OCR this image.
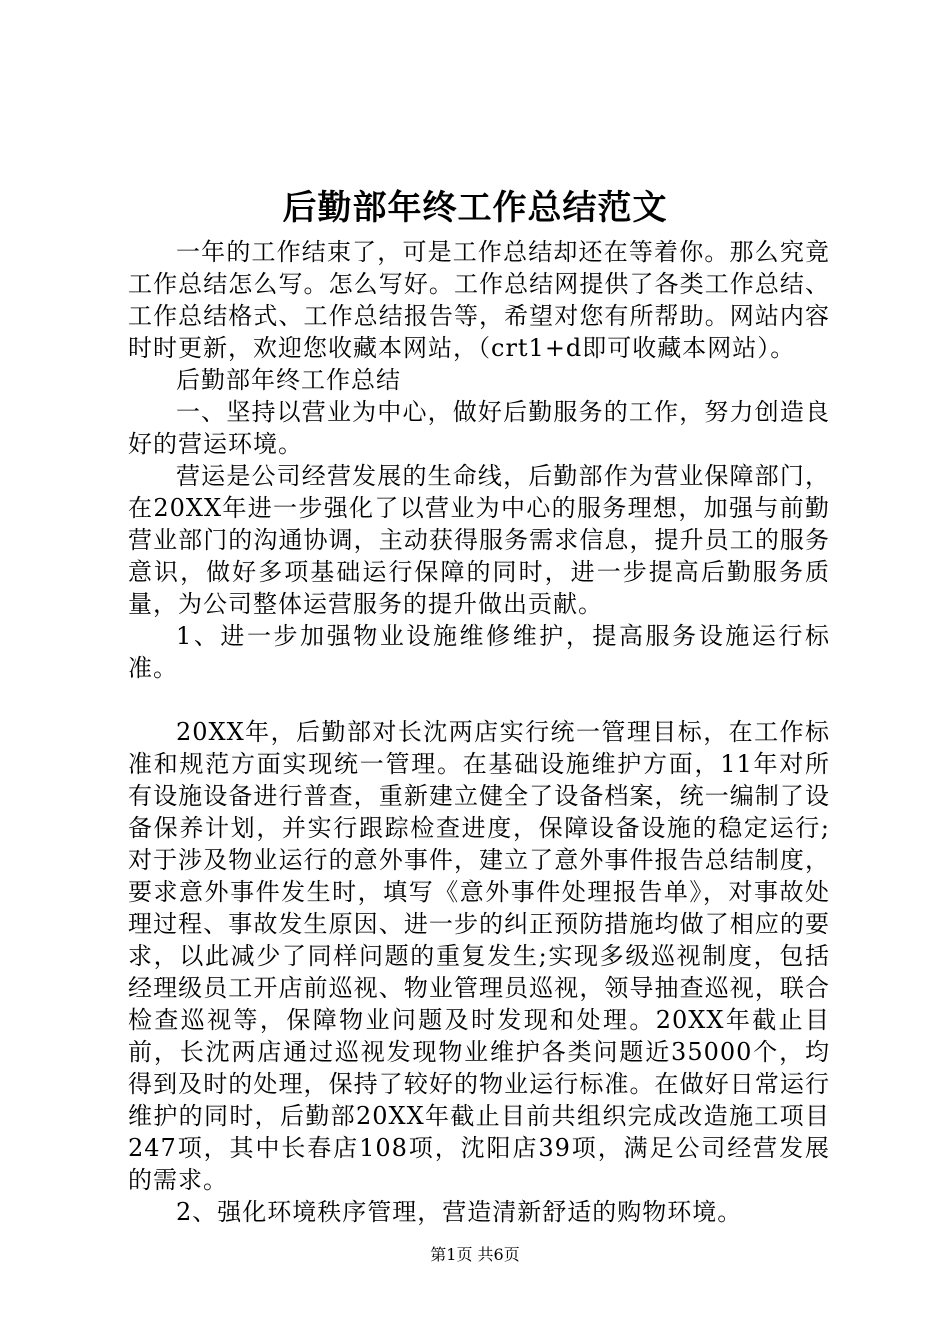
后勤部年终工作总结范文

一年的工作结束了，可是工作总结却还在等着你。那么究竟工作总结怎么写。怎么写好。工作总结网提供了各类工作总结、工作总结格式、工作总结报告等，希望对您有所帮助。网站内容时时更新，欢迎您收藏本网站，（crt1+d即可收藏本网站）。

后勤部年终工作总结

一、坚持以营业为中心，做好后勤服务的工作，努力创造良好的营运环境。

营运是公司经营发展的生命线，后勤部作为营业保障部门，在20XX年进一步强化了以营业为中心的服务理想，加强与前勤营业部门的沟通协调，主动获得服务需求信息，提升员工的服务意识，做好多项基础运行保障的同时，进一步提高后勤服务质量，为公司整体运营服务的提升做出贡献。

1、进一步加强物业设施维修维护，提高服务设施运行标准。

20XX年，后勤部对长沈两店实行统一管理目标，在工作标准和规范方面实现统一管理。在基础设施维护方面，11年对所有设施设备进行普查，重新建立健全了设备档案，统一编制了设备保养计划，并实行跟踪检查进度，保障设备设施的稳定运行;对于涉及物业运行的意外事件，建立了意外事件报告总结制度，要求意外事件发生时，填写《意外事件处理报告单》，对事故处理过程、事故发生原因、进一步的纠正预防措施均做了相应的要求，以此减少了同样问题的重复发生;实现多级巡视制度，包括经理级员工开店前巡视、物业管理员巡视，领导抽查巡视，联合检查巡视等，保障物业问题及时发现和处理。20XX年截止目前，长沈两店通过巡视发现物业维护各类问题近35000个，均得到及时的处理，保持了较好的物业运行标准。在做好日常运行维护的同时，后勤部20XX年截止目前共组织完成改造施工项目247项，其中长春店108项，沈阳店39项，满足公司经营发展的需求。

2、强化环境秩序管理，营造清新舒适的购物环境。

第1页 共6页
